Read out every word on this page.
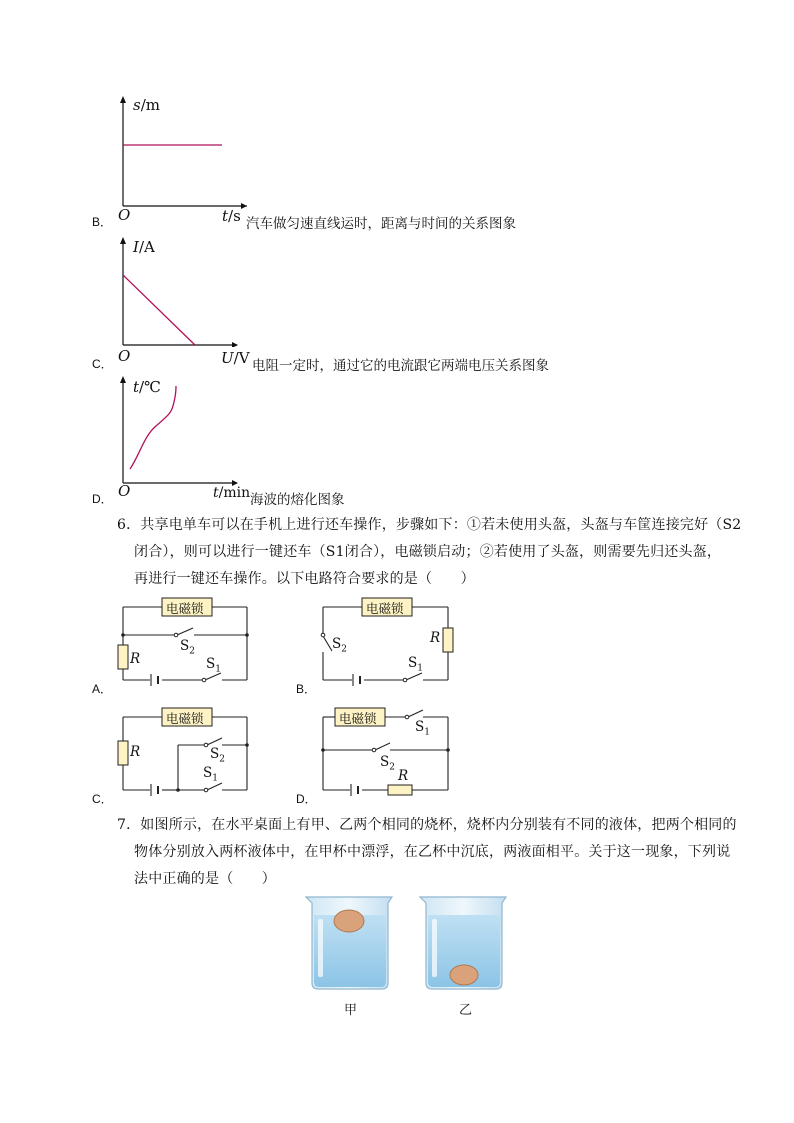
s/m
B． O	t/s 汽车做匀速直线运时，距离与时间的关系图象
I/A
C． O	U/V 电阻一定时，通过它的电流跟它两端电压关系图象
t/℃
D． O	t/min 海波的熔化图象
6．共享电单车可以在手机上进行还车操作，步骤如下：①若未使用头盔，头盔与车筐连接完好（S2
闭合），则可以进行一键还车（S1闭合），电磁锁启动；②若使用了头盔，则需要先归还头盔，
再进行一键还车操作。以下电路符合要求的是（　　）
电磁锁
R
$S_2$
$S_1$
A．
电磁锁
R
$S_2$
$S_1$
B．
电磁锁
R	$S_2$
$S_1$
C．
电磁锁
R
$S_1$
$S_2$
D．
7．如图所示，在水平桌面上有甲、乙两个相同的烧杯，烧杯内分别装有不同的液体，把两个相同的
物体分别放入两杯液体中，在甲杯中漂浮，在乙杯中沉底，两液面相平。关于这一现象，下列说
法中正确的是（　　）
甲	乙
